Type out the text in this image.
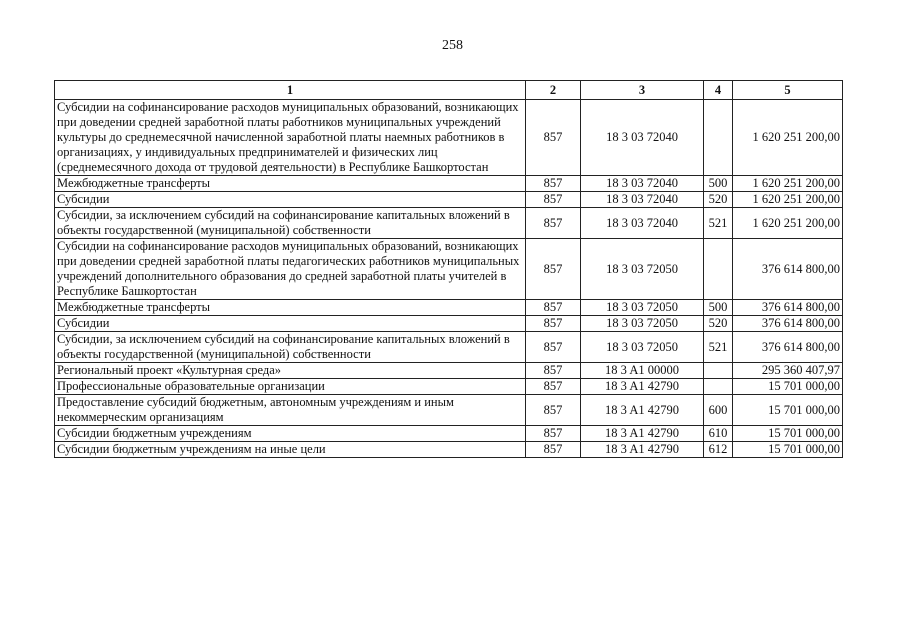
258
1	2	3	4	5
Субсидии на софинансирование расходов муниципальных образований, возникающих при доведении средней заработной платы работников муниципальных учреждений культуры до среднемесячной начисленной заработной платы наемных работников в организациях, у индивидуальных предпринимателей и физических лиц (среднемесячного дохода от трудовой деятельности) в Республике Башкортостан	857	18 3 03 72040		1 620 251 200,00
Межбюджетные трансферты	857	18 3 03 72040	500	1 620 251 200,00
Субсидии	857	18 3 03 72040	520	1 620 251 200,00
Субсидии, за исключением субсидий на софинансирование капитальных вложений в объекты государственной (муниципальной) собственности	857	18 3 03 72040	521	1 620 251 200,00
Субсидии на софинансирование расходов муниципальных образований, возникающих при доведении средней заработной платы педагогических работников муниципальных учреждений дополнительного образования до средней заработной платы учителей в Республике Башкортостан	857	18 3 03 72050		376 614 800,00
Межбюджетные трансферты	857	18 3 03 72050	500	376 614 800,00
Субсидии	857	18 3 03 72050	520	376 614 800,00
Субсидии, за исключением субсидий на софинансирование капитальных вложений в объекты государственной (муниципальной) собственности	857	18 3 03 72050	521	376 614 800,00
Региональный проект «Культурная среда»	857	18 3 A1 00000		295 360 407,97
Профессиональные образовательные организации	857	18 3 A1 42790		15 701 000,00
Предоставление субсидий бюджетным, автономным учреждениям и иным некоммерческим организациям	857	18 3 A1 42790	600	15 701 000,00
Субсидии бюджетным учреждениям	857	18 3 A1 42790	610	15 701 000,00
Субсидии бюджетным учреждениям на иные цели	857	18 3 A1 42790	612	15 701 000,00
